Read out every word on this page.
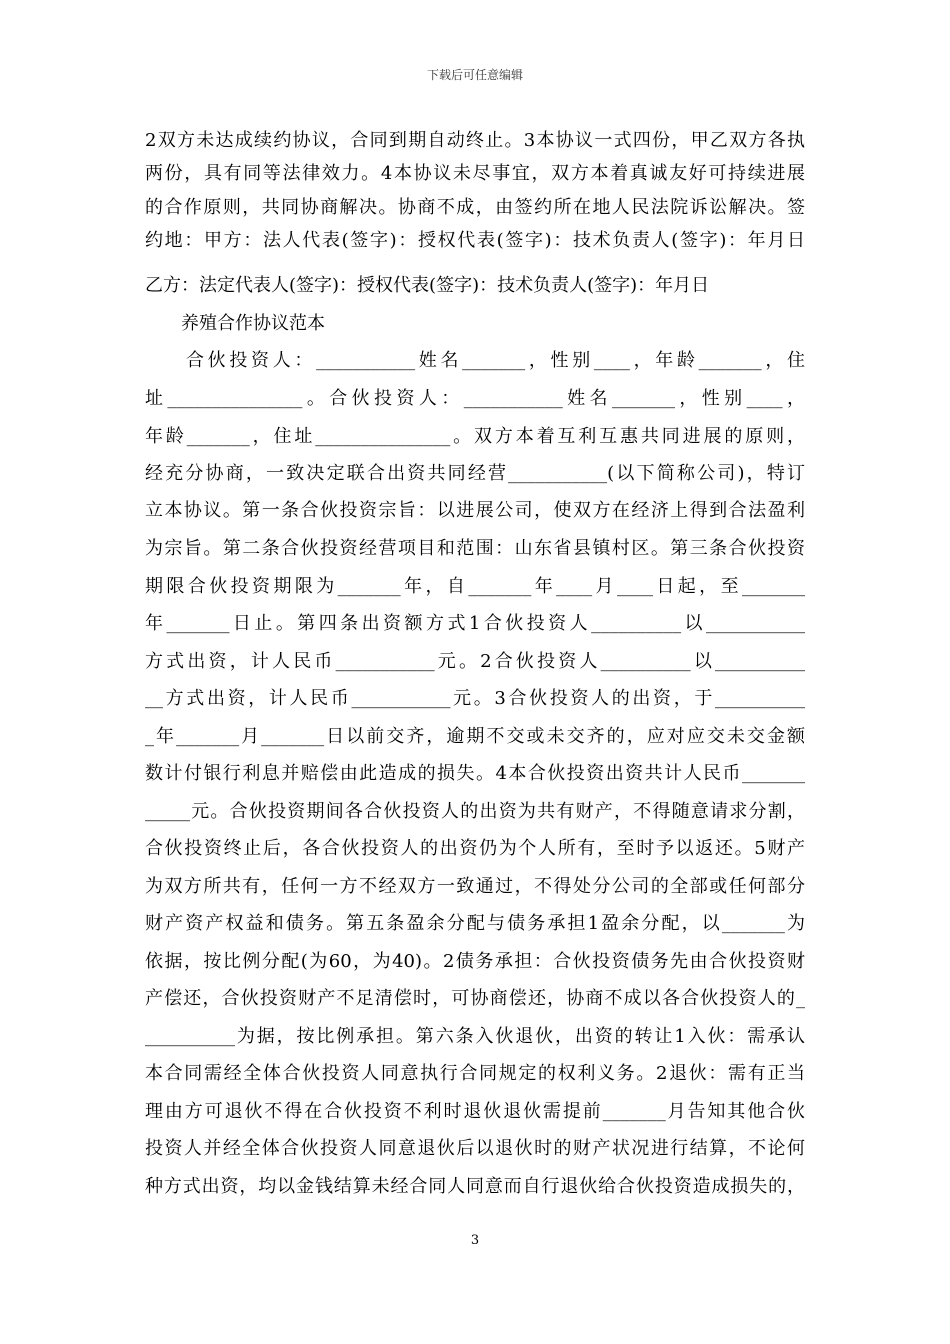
下载后可任意编辑
2双方未达成续约协议，合同到期自动终止。3本协议一式四份，甲乙双方各执
两份，具有同等法律效力。4本协议未尽事宜，双方本着真诚友好可持续进展
的合作原则，共同协商解决。协商不成，由签约所在地人民法院诉讼解决。签
约地：甲方：法人代表(签字)：授权代表(签字)：技术负责人(签字)：年月日
乙方：法定代表人(签字)：授权代表(签字)：技术负责人(签字)：年月日
养殖合作协议范本
合伙投资人：___________姓名_______，性别____，年龄_______，住
址_______________。合伙投资人：___________姓名_______，性别____，
年龄_______，住址_______________。双方本着互利互惠共同进展的原则，
经充分协商，一致决定联合出资共同经营___________(以下简称公司)，特订
立本协议。第一条合伙投资宗旨：以进展公司，使双方在经济上得到合法盈利
为宗旨。第二条合伙投资经营项目和范围：山东省县镇村区。第三条合伙投资
期限合伙投资期限为_______年，自_______年____月____日起，至_______
年_______日止。第四条出资额方式1合伙投资人__________以___________
方式出资，计人民币___________元。2合伙投资人__________以__________
__方式出资，计人民币___________元。3合伙投资人的出资，于__________
_年_______月_______日以前交齐，逾期不交或未交齐的，应对应交未交金额
数计付银行利息并赔偿由此造成的损失。4本合伙投资出资共计人民币_______
_____元。合伙投资期间各合伙投资人的出资为共有财产，不得随意请求分割，
合伙投资终止后，各合伙投资人的出资仍为个人所有，至时予以返还。5财产
为双方所共有，任何一方不经双方一致通过，不得处分公司的全部或任何部分
财产资产权益和债务。第五条盈余分配与债务承担1盈余分配，以_______为
依据，按比例分配(为60，为40)。2债务承担：合伙投资债务先由合伙投资财
产偿还，合伙投资财产不足清偿时，可协商偿还，协商不成以各合伙投资人的_
__________为据，按比例承担。第六条入伙退伙，出资的转让1入伙：需承认
本合同需经全体合伙投资人同意执行合同规定的权利义务。2退伙：需有正当
理由方可退伙不得在合伙投资不利时退伙退伙需提前_______月告知其他合伙
投资人并经全体合伙投资人同意退伙后以退伙时的财产状况进行结算，不论何
种方式出资，均以金钱结算未经合同人同意而自行退伙给合伙投资造成损失的，
3
